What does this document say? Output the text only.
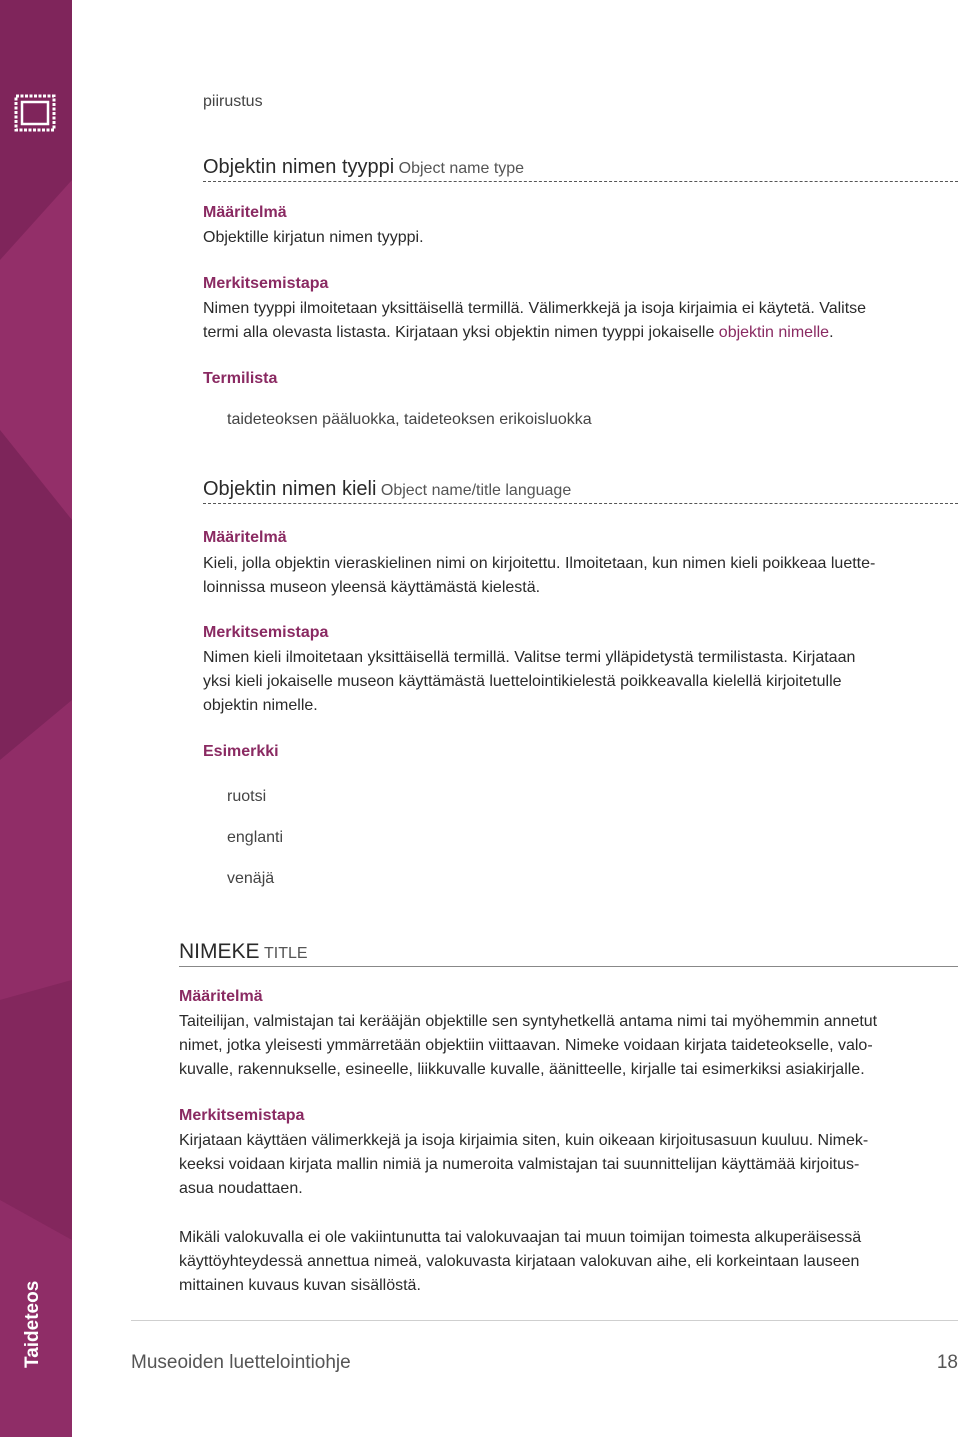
Taideteos
piirustus
Objektin nimen tyyppi Object name type
Määritelmä
Objektille kirjatun nimen tyyppi.
Merkitsemistapa
Nimen tyyppi ilmoitetaan yksittäisellä termillä. Välimerkkejä ja isoja kirjaimia ei käytetä. Valitse
termi alla olevasta listasta. Kirjataan yksi objektin nimen tyyppi jokaiselle objektin nimelle.
Termilista
taideteoksen pääluokka, taideteoksen erikoisluokka
Objektin nimen kieli Object name/title language
Määritelmä
Kieli, jolla objektin vieraskielinen nimi on kirjoitettu. Ilmoitetaan, kun nimen kieli poikkeaa luette-
loinnissa museon yleensä käyttämästä kielestä.
Merkitsemistapa
Nimen kieli ilmoitetaan yksittäisellä termillä. Valitse termi ylläpidetystä termilistasta. Kirjataan
yksi kieli jokaiselle museon käyttämästä luettelointikielestä poikkeavalla kielellä kirjoitetulle
objektin nimelle.
Esimerkki
ruotsi
englanti
venäjä
NIMEKE TITLE
Määritelmä
Taiteilijan, valmistajan tai kerääjän objektille sen syntyhetkellä antama nimi tai myöhemmin annetut
nimet, jotka yleisesti ymmärretään objektiin viittaavan. Nimeke voidaan kirjata taideteokselle, valo-
kuvalle, rakennukselle, esineelle, liikkuvalle kuvalle, äänitteelle, kirjalle tai esimerkiksi asiakirjalle.
Merkitsemistapa
Kirjataan käyttäen välimerkkejä ja isoja kirjaimia siten, kuin oikeaan kirjoitusasuun kuuluu. Nimek-
keeksi voidaan kirjata mallin nimiä ja numeroita valmistajan tai suunnittelijan käyttämää kirjoitus-
asua noudattaen.
Mikäli valokuvalla ei ole vakiintunutta tai valokuvaajan tai muun toimijan toimesta alkuperäisessä
käyttöyhteydessä annettua nimeä, valokuvasta kirjataan valokuvan aihe, eli korkeintaan lauseen
mittainen kuvaus kuvan sisällöstä.
Museoiden luettelointiohje	18
